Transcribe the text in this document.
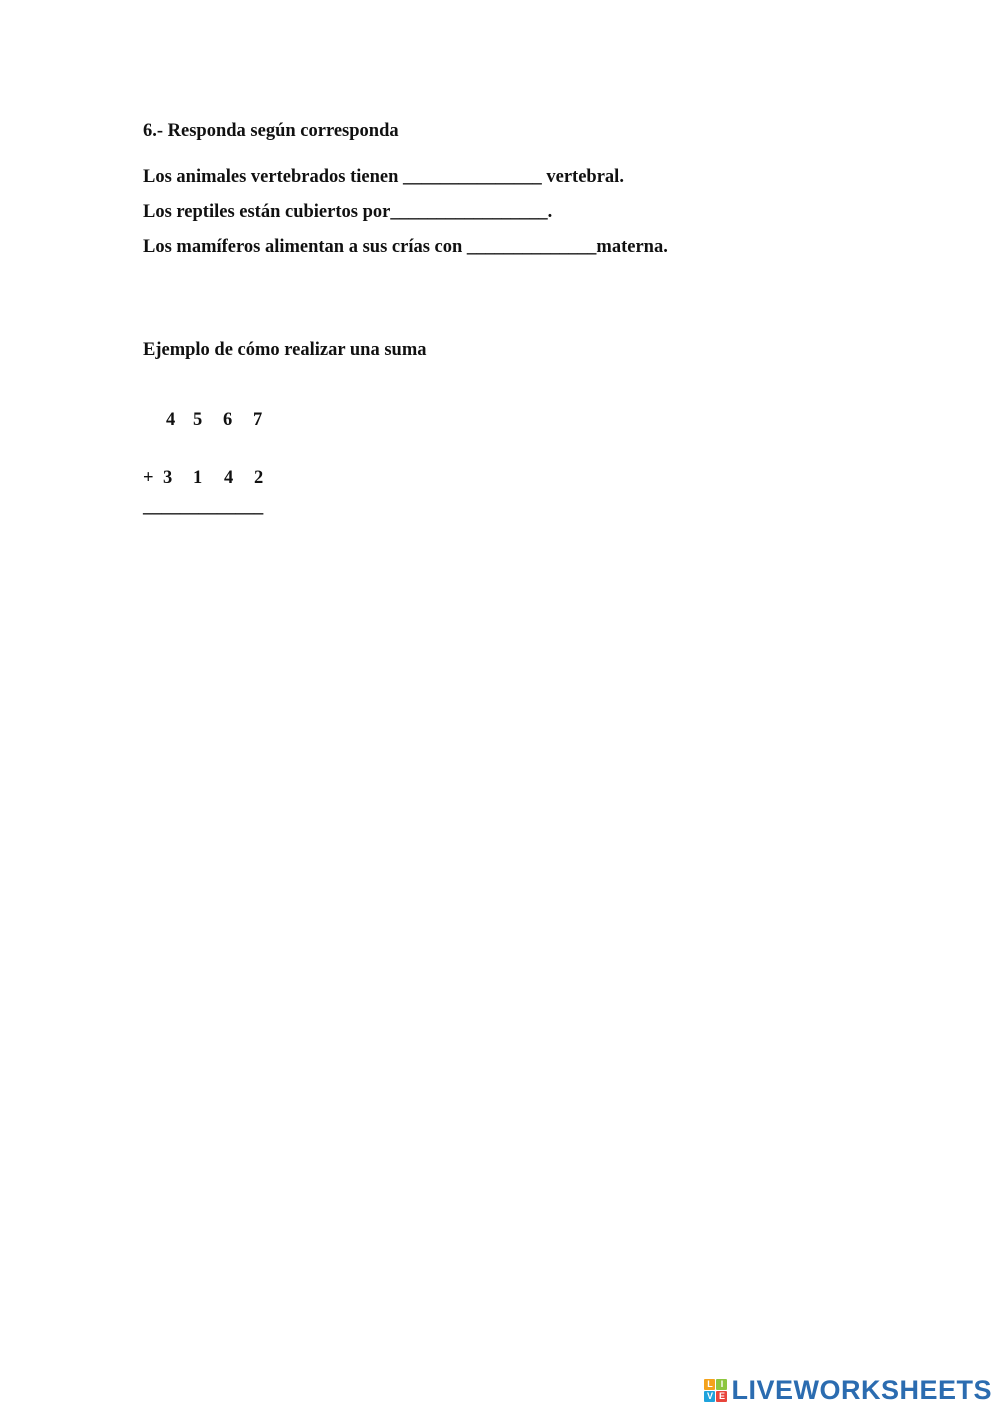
6.- Responda según corresponda
Los animales vertebrados tienen _______________ vertebral.
Los reptiles están cubiertos por_________________.
Los mamíferos alimentan a sus crías con ______________materna.
Ejemplo de cómo realizar una suma
4 5 6 7
+ 3 1 4 2
_____________
L I
V E LIVEWORKSHEETS
